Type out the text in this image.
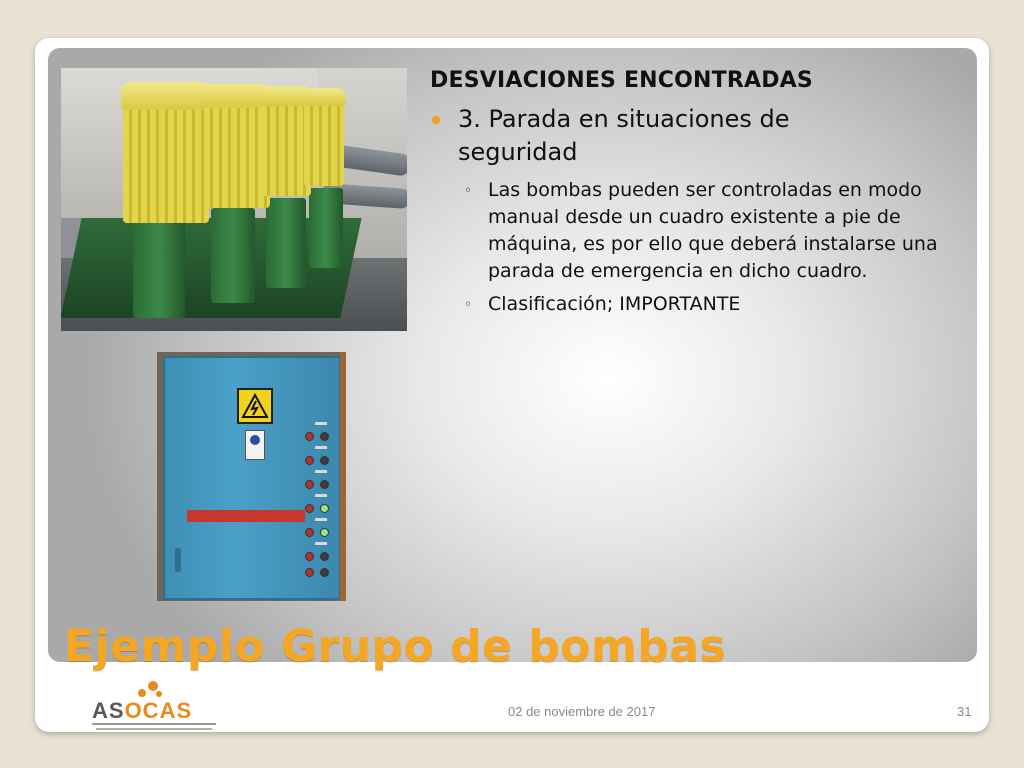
DESVIACIONES ENCONTRADAS

3. Parada en situaciones de seguridad
◦ Las bombas pueden ser controladas en modo manual desde un cuadro existente a pie de máquina, es por ello que deberá instalarse una parada de emergencia en dicho cuadro.
◦ Clasificación; IMPORTANTE
Ejemplo Grupo de bombas
ASOCAS	02 de noviembre de 2017	31
